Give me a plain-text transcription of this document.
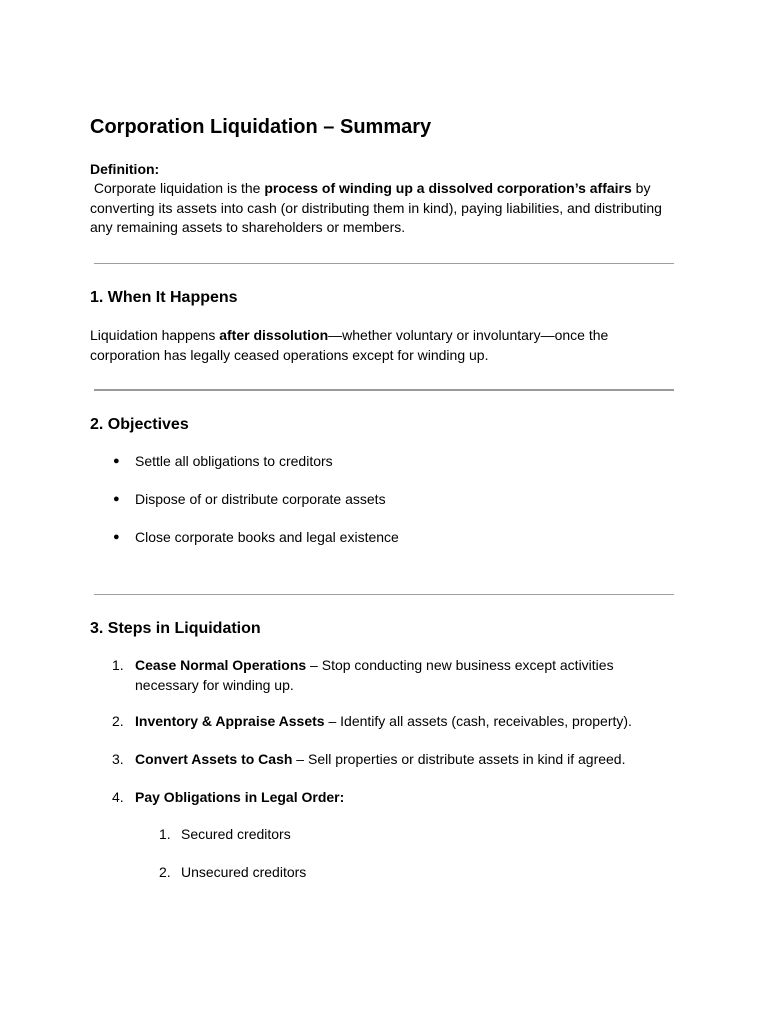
Corporation Liquidation – Summary
Definition:
Corporate liquidation is the process of winding up a dissolved corporation’s affairs by converting its assets into cash (or distributing them in kind), paying liabilities, and distributing any remaining assets to shareholders or members.
1. When It Happens
Liquidation happens after dissolution—whether voluntary or involuntary—once the corporation has legally ceased operations except for winding up.
2. Objectives
● Settle all obligations to creditors
● Dispose of or distribute corporate assets
● Close corporate books and legal existence
3. Steps in Liquidation
1. Cease Normal Operations – Stop conducting new business except activities necessary for winding up.
2. Inventory & Appraise Assets – Identify all assets (cash, receivables, property).
3. Convert Assets to Cash – Sell properties or distribute assets in kind if agreed.
4. Pay Obligations in Legal Order:
1. Secured creditors
2. Unsecured creditors
